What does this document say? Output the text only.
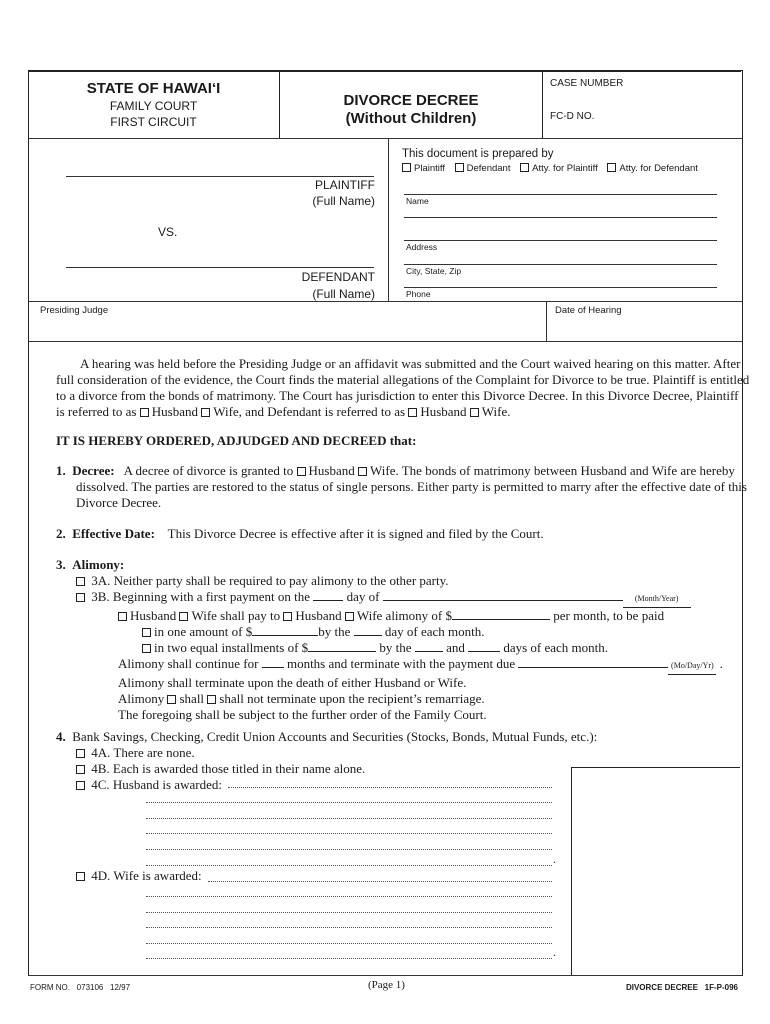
STATE OF HAWAI‘I
FAMILY COURT
FIRST CIRCUIT
DIVORCE DECREE
(Without Children)
CASE NUMBER
FC-D NO.
PLAINTIFF
(Full Name)
VS.
DEFENDANT
(Full Name)
This document is prepared by
Plaintiff Defendant Atty. for Plaintiff Atty. for Defendant
Name
Address
City, State, Zip
Phone
Presiding Judge	Date of Hearing

A hearing was held before the Presiding Judge or an affidavit was submitted and the Court waived hearing on this matter. After

full consideration of the evidence, the Court finds the material allegations of the Complaint for Divorce to be true. Plaintiff is entitled

to a divorce from the bonds of matrimony. The Court has jurisdiction to enter this Divorce Decree. In this Divorce Decree, Plaintiff

is referred to as Husband Wife, and Defendant is referred to as Husband Wife.

IT IS HEREBY ORDERED, ADJUDGED AND DECREED that:

1. Decree: A decree of divorce is granted to Husband Wife. The bonds of matrimony between Husband and Wife are hereby

dissolved. The parties are restored to the status of single persons. Either party is permitted to marry after the effective date of this

Divorce Decree.

2. Effective Date: This Divorce Decree is effective after it is signed and filed by the Court.

3. Alimony:

3A. Neither party shall be required to pay alimony to the other party.

3B. Beginning with a first payment on the	day of	(Month/Year)

Husband Wife shall pay to Husband Wife alimony of $	per month, to be paid

in one amount of $	by the	day of each month.

in two equal installments of $	by the	and	days of each month.

Alimony shall continue for months and terminate with the payment due	(Mo/Day/Yr) .

Alimony shall terminate upon the death of either Husband or Wife.

Alimony shall shall not terminate upon the recipient’s remarriage.

The foregoing shall be subject to the further order of the Family Court.

4. Bank Savings, Checking, Credit Union Accounts and Securities (Stocks, Bonds, Mutual Funds, etc.):

4A. There are none.

4B. Each is awarded those titled in their name alone.

4C. Husband is awarded:

.
4D. Wife is awarded:
.
FORM NO.   073106   12/97	(Page 1)	DIVORCE DECREE   1F-P-096
